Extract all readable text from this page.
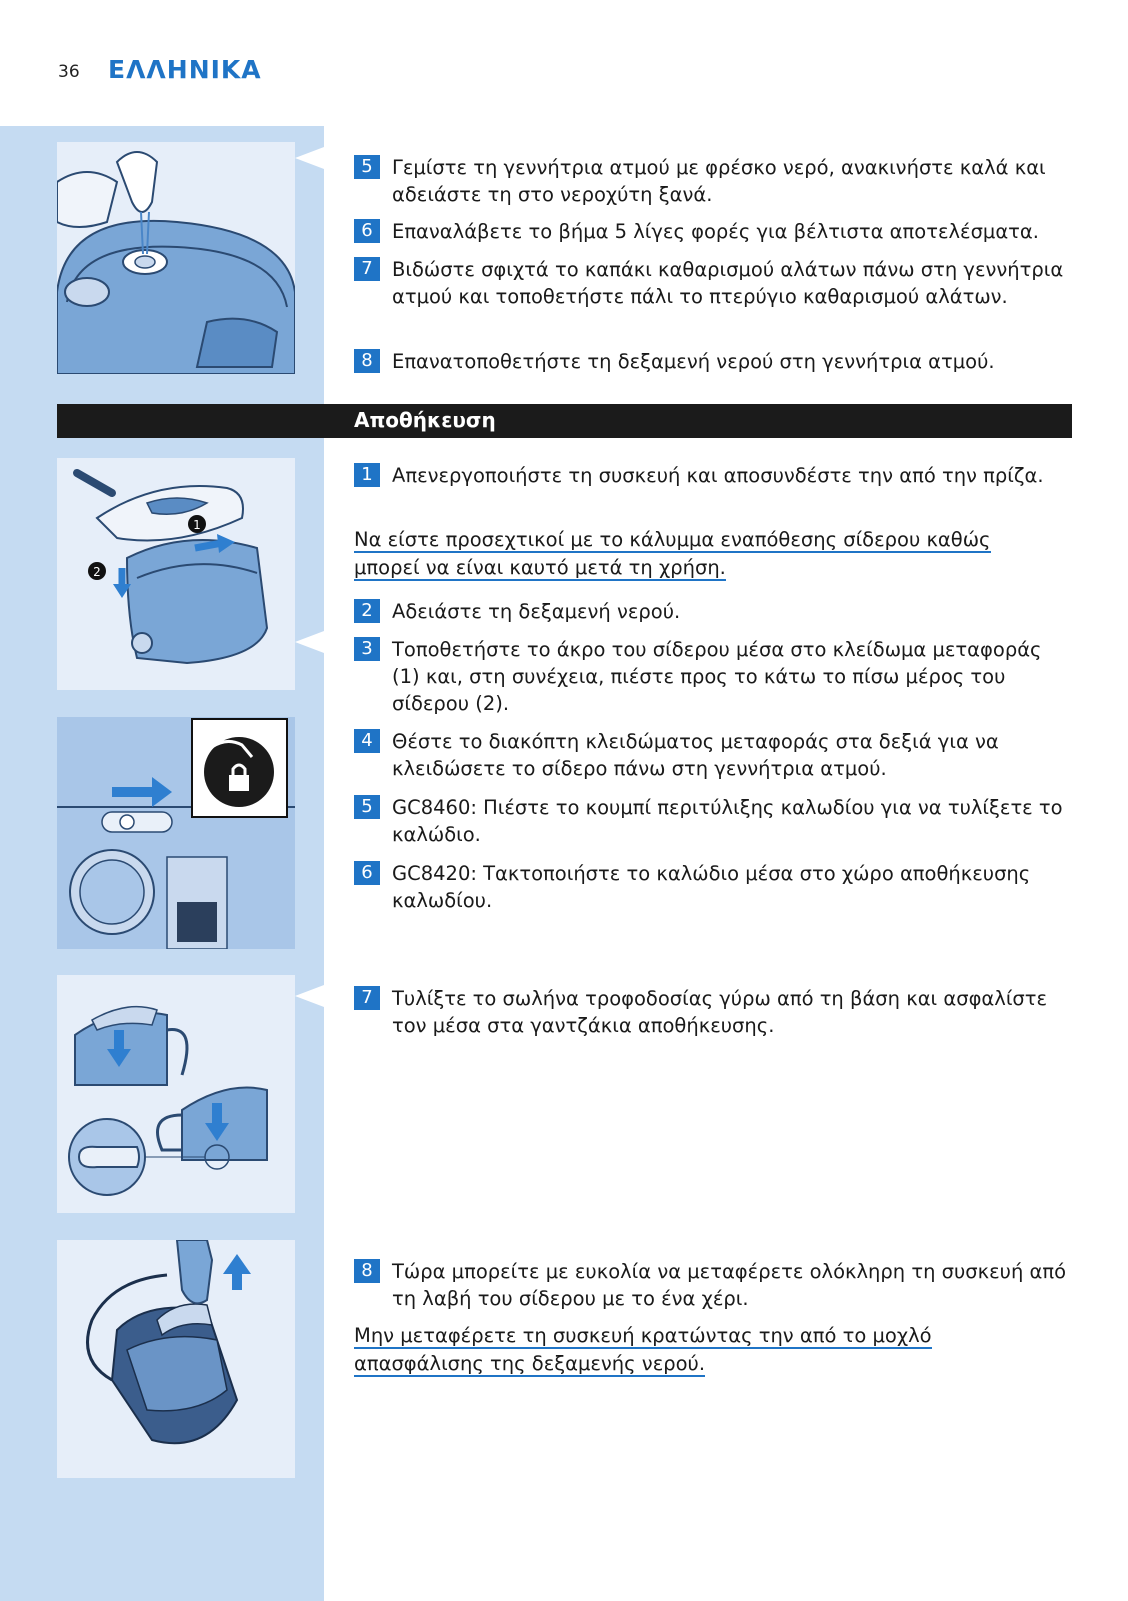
36 ΕΛΛΗΝΙΚΑ
5 Γεμίστε τη γεννήτρια ατμού με φρέσκο νερό, ανακινήστε καλά και αδειάστε τη στο νεροχύτη ξανά.
6 Επαναλάβετε το βήμα 5 λίγες φορές για βέλτιστα αποτελέσματα.
7 Βιδώστε σφιχτά το καπάκι καθαρισμού αλάτων πάνω στη γεννήτρια ατμού και τοποθετήστε πάλι το πτερύγιο καθαρισμού αλάτων.
8 Επανατοποθετήστε τη δεξαμενή νερού στη γεννήτρια ατμού.
Αποθήκευση
1
2
1 Απενεργοποιήστε τη συσκευή και αποσυνδέστε την από την πρίζα.
Να είστε προσεχτικοί με το κάλυμμα εναπόθεσης σίδερου καθώς μπορεί να είναι καυτό μετά τη χρήση.
2 Αδειάστε τη δεξαμενή νερού.
3 Τοποθετήστε το άκρο του σίδερου μέσα στο κλείδωμα μεταφοράς (1) και, στη συνέχεια, πιέστε προς το κάτω το πίσω μέρος του σίδερου (2).
4 Θέστε το διακόπτη κλειδώματος μεταφοράς στα δεξιά για να κλειδώσετε το σίδερο πάνω στη γεννήτρια ατμού.
5 GC8460: Πιέστε το κουμπί περιτύλιξης καλωδίου για να τυλίξετε το καλώδιο.
6 GC8420: Τακτοποιήστε το καλώδιο μέσα στο χώρο αποθήκευσης καλωδίου.
7 Τυλίξτε το σωλήνα τροφοδοσίας γύρω από τη βάση και ασφαλίστε τον μέσα στα γαντζάκια αποθήκευσης.
8 Τώρα μπορείτε με ευκολία να μεταφέρετε ολόκληρη τη συσκευή από τη λαβή του σίδερου με το ένα χέρι.
Μην μεταφέρετε τη συσκευή κρατώντας την από το μοχλό απασφάλισης της δεξαμενής νερού.
